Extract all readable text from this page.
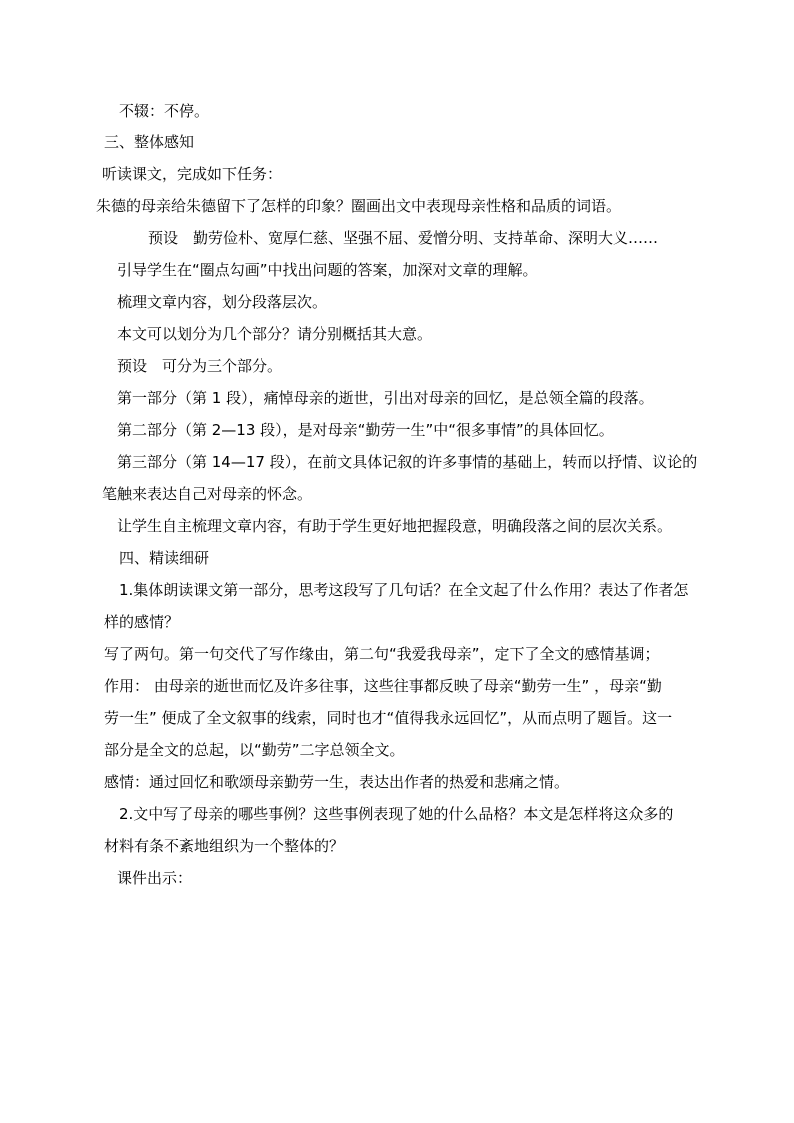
不辍：不停。
三、整体感知
听读课文，完成如下任务：
朱德的母亲给朱德留下了怎样的印象？圈画出文中表现母亲性格和品质的词语。
预设　勤劳俭朴、宽厚仁慈、坚强不屈、爱憎分明、支持革命、深明大义……
引导学生在“圈点勾画”中找出问题的答案，加深对文章的理解。
梳理文章内容，划分段落层次。
本文可以划分为几个部分？请分别概括其大意。
预设　可分为三个部分。
第一部分（第 1 段），痛悼母亲的逝世，引出对母亲的回忆，是总领全篇的段落。
第二部分（第 2—13 段），是对母亲“勤劳一生”中“很多事情”的具体回忆。
第三部分（第 14—17 段），在前文具体记叙的许多事情的基础上，转而以抒情、议论的
笔触来表达自己对母亲的怀念。
让学生自主梳理文章内容，有助于学生更好地把握段意，明确段落之间的层次关系。
四、精读细研
1.集体朗读课文第一部分，思考这段写了几句话？在全文起了什么作用？表达了作者怎
样的感情？
写了两句。第一句交代了写作缘由，第二句“我爱我母亲”，定下了全文的感情基调；
作用： 由母亲的逝世而忆及许多往事，这些往事都反映了母亲“勤劳一生” ，母亲“勤
劳一生” 便成了全文叙事的线索，同时也才“值得我永远回忆”，从而点明了题旨。这一
部分是全文的总起，以“勤劳”二字总领全文。
感情：通过回忆和歌颂母亲勤劳一生，表达出作者的热爱和悲痛之情。
2.文中写了母亲的哪些事例？这些事例表现了她的什么品格？本文是怎样将这众多的
材料有条不紊地组织为一个整体的？
课件出示：
